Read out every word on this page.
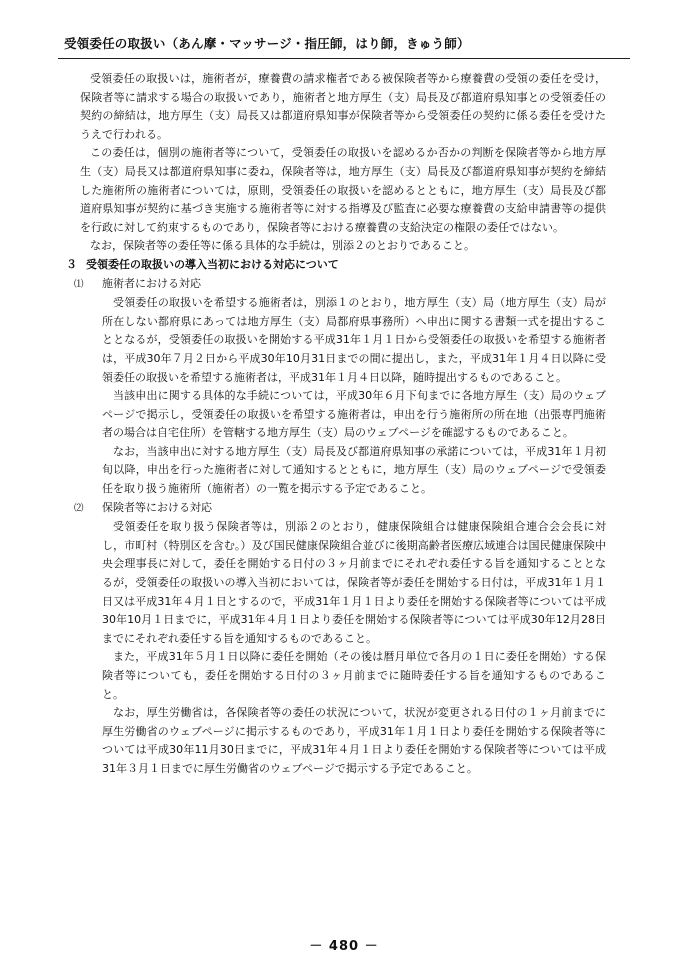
受領委任の取扱い（あん摩・マッサージ・指圧師，はり師，きゅう師）

受領委任の取扱いは，施術者が，療養費の請求権者である被保険者等から療養費の受領の委任を受け，保険者等に請求する場合の取扱いであり，施術者と地方厚生（支）局長及び都道府県知事との受領委任の契約の締結は，地方厚生（支）局長又は都道府県知事が保険者等から受領委任の契約に係る委任を受けたうえで行われる。

この委任は，個別の施術者等について，受領委任の取扱いを認めるか否かの判断を保険者等から地方厚生（支）局長又は都道府県知事に委ね，保険者等は，地方厚生（支）局長及び都道府県知事が契約を締結した施術所の施術者については，原則，受領委任の取扱いを認めるとともに，地方厚生（支）局長及び都道府県知事が契約に基づき実施する施術者等に対する指導及び監査に必要な療養費の支給申請書等の提供を行政に対して約束するものであり，保険者等における療養費の支給決定の権限の委任ではない。

なお，保険者等の委任等に係る具体的な手続は，別添２のとおりであること。

３ 受領委任の取扱いの導入当初における対応について

⑴ 施術者における対応

受領委任の取扱いを希望する施術者は，別添１のとおり，地方厚生（支）局（地方厚生（支）局が所在しない都府県にあっては地方厚生（支）局都府県事務所）へ申出に関する書類一式を提出することとなるが，受領委任の取扱いを開始する平成31年１月１日から受領委任の取扱いを希望する施術者は，平成30年７月２日から平成30年10月31日までの間に提出し，また，平成31年１月４日以降に受領委任の取扱いを希望する施術者は，平成31年１月４日以降，随時提出するものであること。

当該申出に関する具体的な手続については，平成30年６月下旬までに各地方厚生（支）局のウェブページで掲示し，受領委任の取扱いを希望する施術者は，申出を行う施術所の所在地（出張専門施術者の場合は自宅住所）を管轄する地方厚生（支）局のウェブページを確認するものであること。

なお，当該申出に対する地方厚生（支）局長及び都道府県知事の承諾については，平成31年１月初旬以降，申出を行った施術者に対して通知するとともに，地方厚生（支）局のウェブページで受領委任を取り扱う施術所（施術者）の一覧を掲示する予定であること。

⑵ 保険者等における対応

受領委任を取り扱う保険者等は，別添２のとおり，健康保険組合は健康保険組合連合会会長に対し，市町村（特別区を含む。）及び国民健康保険組合並びに後期高齢者医療広域連合は国民健康保険中央会理事長に対して，委任を開始する日付の３ヶ月前までにそれぞれ委任する旨を通知することとなるが，受領委任の取扱いの導入当初においては，保険者等が委任を開始する日付は，平成31年１月１日又は平成31年４月１日とするので，平成31年１月１日より委任を開始する保険者等については平成30年10月１日までに，平成31年４月１日より委任を開始する保険者等については平成30年12月28日までにそれぞれ委任する旨を通知するものであること。

また，平成31年５月１日以降に委任を開始（その後は暦月単位で各月の１日に委任を開始）する保険者等についても，委任を開始する日付の３ヶ月前までに随時委任する旨を通知するものであること。

なお，厚生労働省は，各保険者等の委任の状況について，状況が変更される日付の１ヶ月前までに厚生労働省のウェブページに掲示するものであり，平成31年１月１日より委任を開始する保険者等については平成30年11月30日までに，平成31年４月１日より委任を開始する保険者等については平成31年３月１日までに厚生労働省のウェブページで掲示する予定であること。

－ 480 －
